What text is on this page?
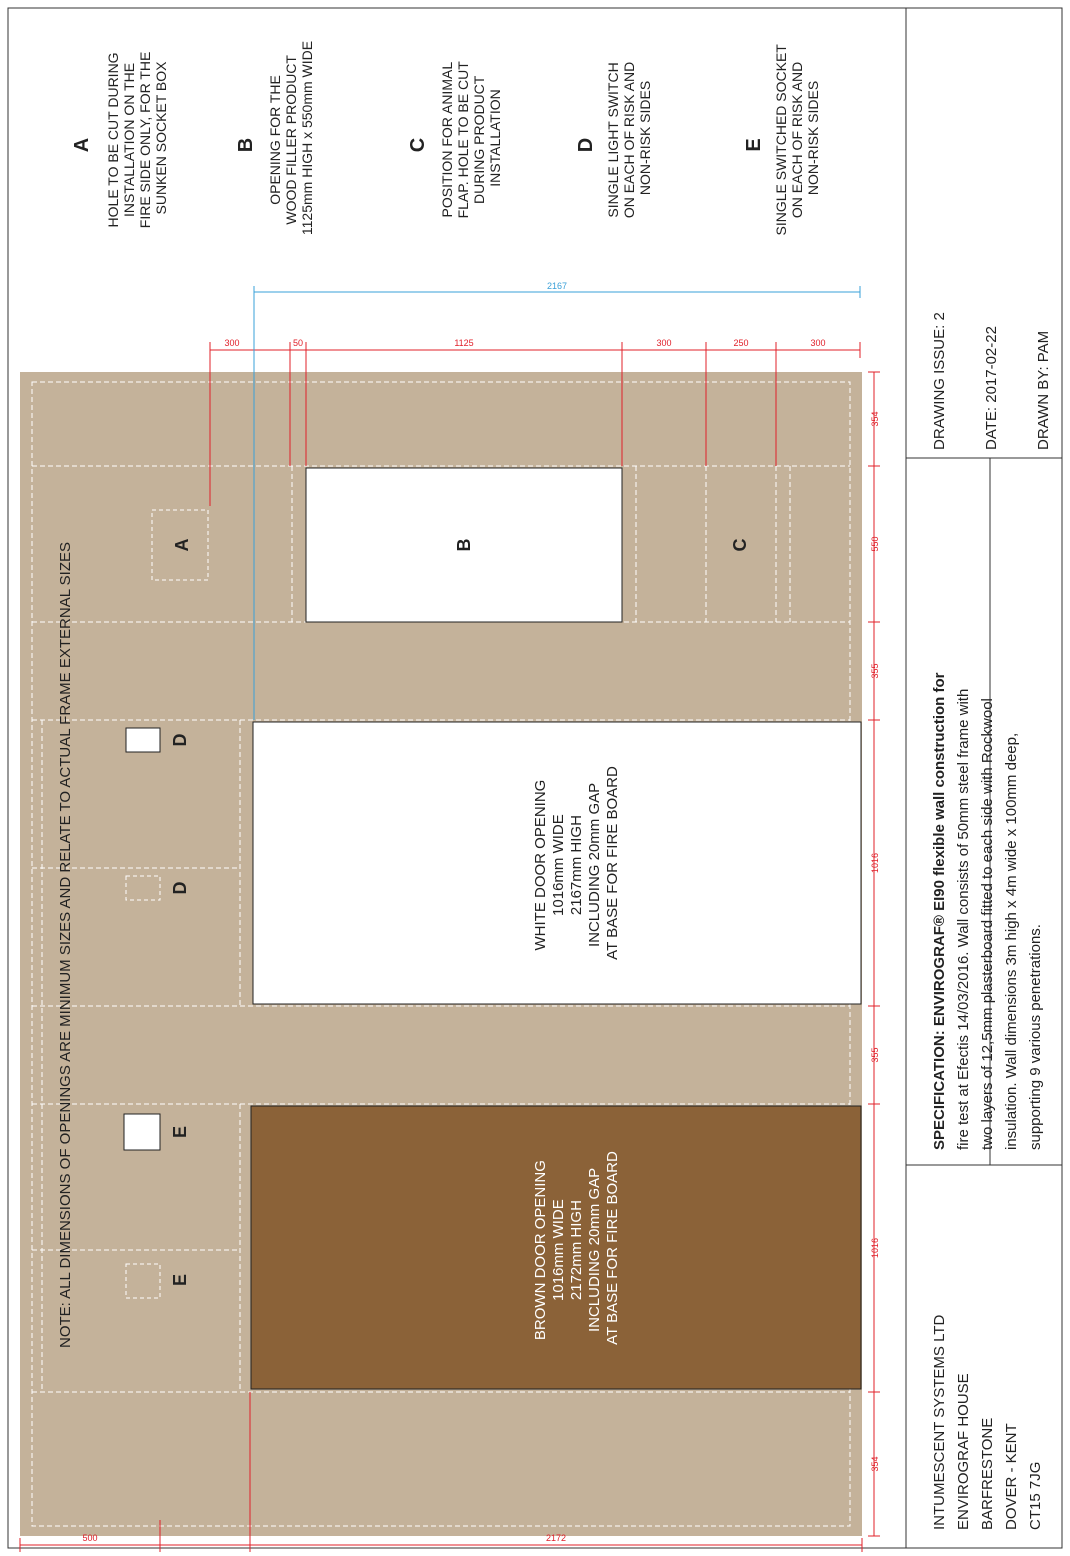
A	B	C
D
D
E
E
WHITE DOOR OPENING 1016mm WIDE 2167mm HIGH INCLUDING 20mm GAP AT BASE FOR FIRE BOARD
BROWN DOOR OPENING 1016mm WIDE 2172mm HIGH INCLUDING 20mm GAP AT BASE FOR FIRE BOARD
NOTE: ALL DIMENSIONS OF OPENINGS ARE MINIMUM SIZES AND RELATE TO ACTUAL FRAME EXTERNAL SIZES
354
550
355
1016
355
1016
354
300	50	1125	300	250	300
2167
500	2172
A HOLE TO BE CUT DURING INSTALLATION ON THE FIRE SIDE ONLY, FOR THE SUNKEN SOCKET BOX	B OPENING FOR THE WOOD FILLER PRODUCT 1125mm HIGH x 550mm WIDE	C POSITION FOR ANIMAL FLAP. HOLE TO BE CUT DURING PRODUCT INSTALLATION	D SINGLE LIGHT SWITCH ON EACH OF RISK AND NON-RISK SIDES	E SINGLE SWITCHED SOCKET ON EACH OF RISK AND NON-RISK SIDES
INTUMESCENT SYSTEMS LTD ENVIROGRAF HOUSE BARFRESTONE DOVER - KENT CT15 7JG
SPECIFICATION: ENVIROGRAF® EI90 flexible wall construction for fire test at Efectis 14/03/2016. Wall consists of 50mm steel frame with two layers of 12,5mm plasterboard fitted to each side with Rockwool insulation. Wall dimensions 3m high x 4m wide x 100mm deep, supporting 9 various penetrations.
DRAWING ISSUE: 2 DATE: 2017-02-22 DRAWN BY: PAM
